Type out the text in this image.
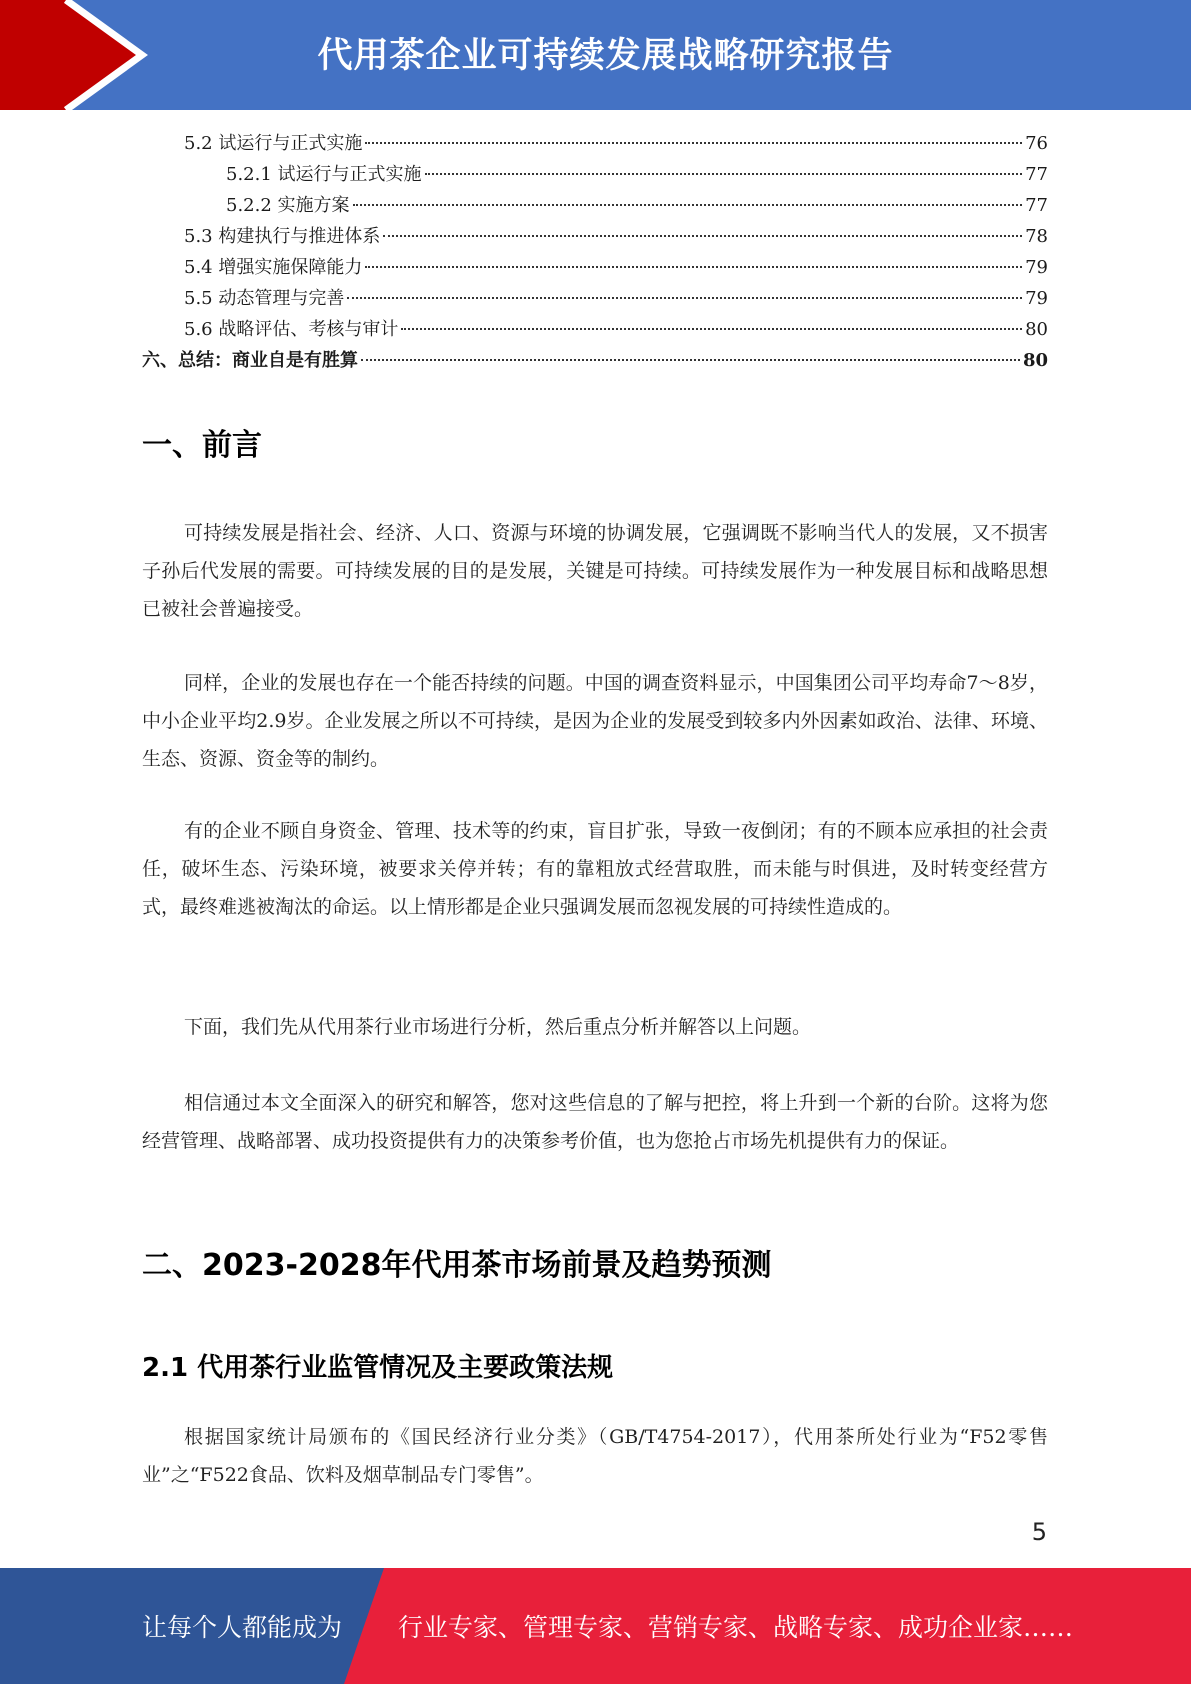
代用茶企业可持续发展战略研究报告
5.2 试运行与正式实施	76
5.2.1 试运行与正式实施	77
5.2.2 实施方案	77
5.3 构建执行与推进体系	78
5.4 增强实施保障能力	79
5.5 动态管理与完善	79
5.6 战略评估、考核与审计	80
六、总结：商业自是有胜算	80
一、前言

可持续发展是指社会、经济、人口、资源与环境的协调发展，它强调既不影响当代人的发展，又不损害子孙后代发展的需要。可持续发展的目的是发展，关键是可持续。可持续发展作为一种发展目标和战略思想已被社会普遍接受。

同样，企业的发展也存在一个能否持续的问题。中国的调查资料显示，中国集团公司平均寿命7～8岁，中小企业平均2.9岁。企业发展之所以不可持续，是因为企业的发展受到较多内外因素如政治、法律、环境、生态、资源、资金等的制约。

有的企业不顾自身资金、管理、技术等的约束，盲目扩张，导致一夜倒闭；有的不顾本应承担的社会责任，破坏生态、污染环境，被要求关停并转；有的靠粗放式经营取胜，而未能与时俱进，及时转变经营方式，最终难逃被淘汰的命运。以上情形都是企业只强调发展而忽视发展的可持续性造成的。

下面，我们先从代用茶行业市场进行分析，然后重点分析并解答以上问题。

相信通过本文全面深入的研究和解答，您对这些信息的了解与把控，将上升到一个新的台阶。这将为您经营管理、战略部署、成功投资提供有力的决策参考价值，也为您抢占市场先机提供有力的保证。

二、2023-2028年代用茶市场前景及趋势预测
2.1 代用茶行业监管情况及主要政策法规

根据国家统计局颁布的《国民经济行业分类》（GB/T4754-2017），代用茶所处行业为“F52零售业”之“F522食品、饮料及烟草制品专门零售”。

5
让每个人都能成为 行业专家、管理专家、营销专家、战略专家、成功企业家……
